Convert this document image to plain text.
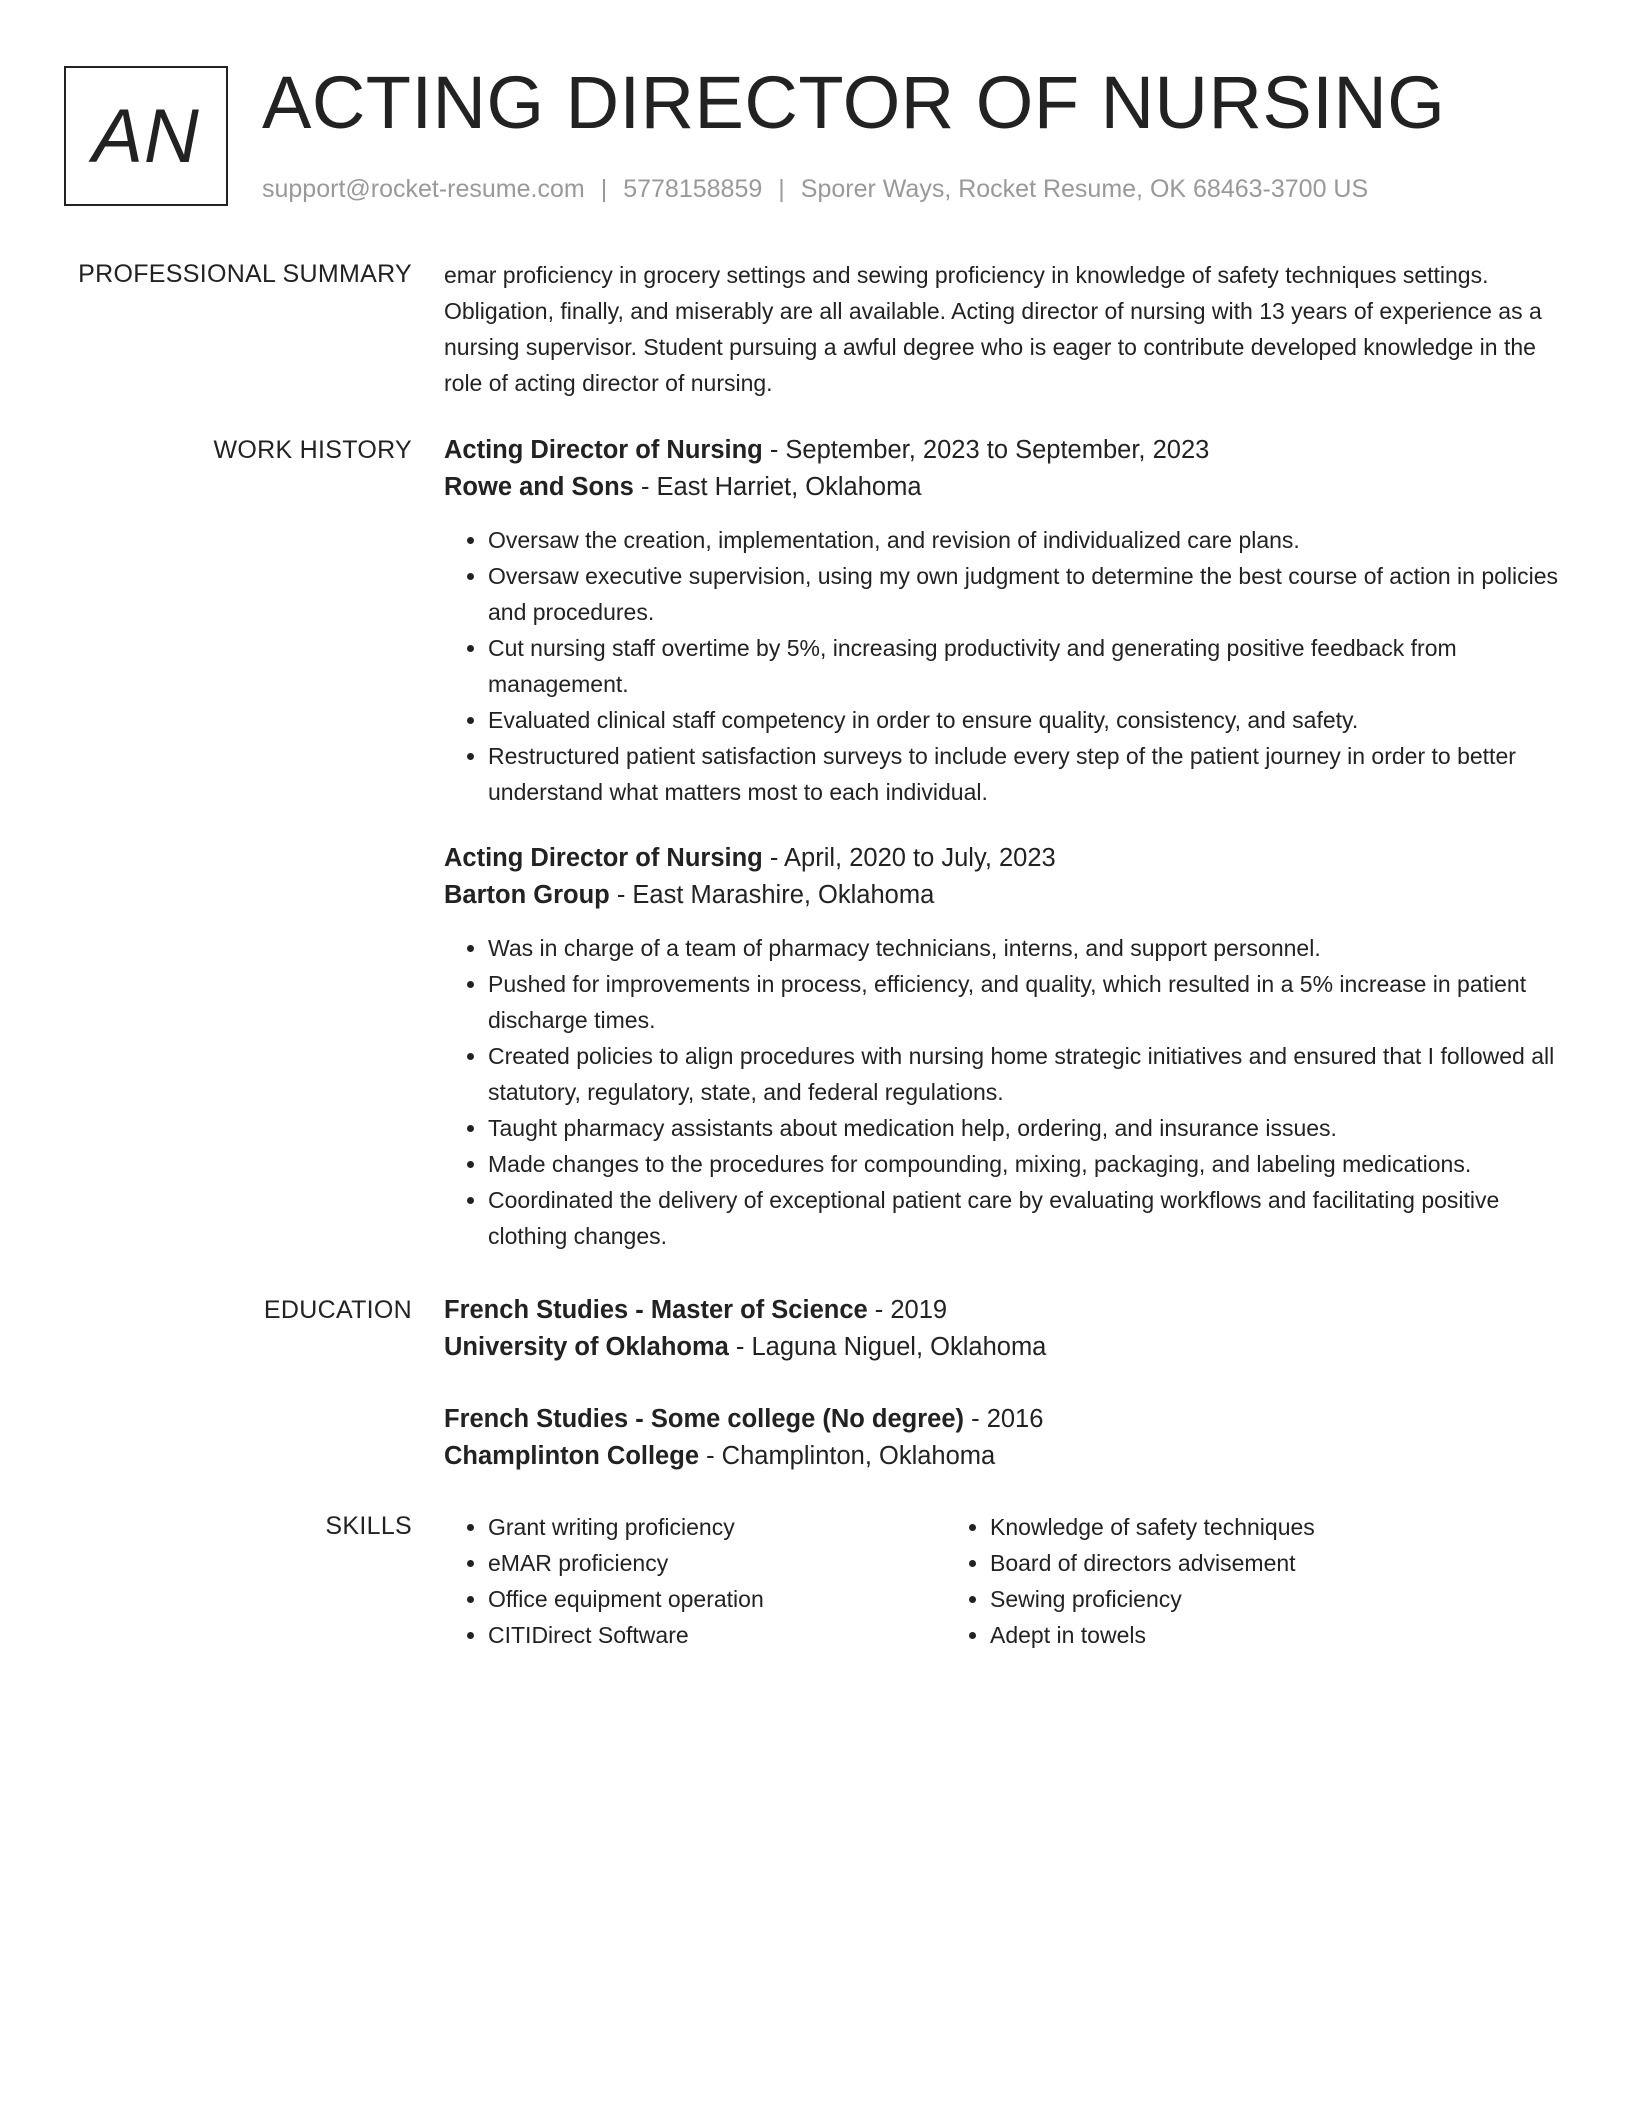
AN ACTING DIRECTOR OF NURSING
support@rocket-resume.com | 5778158859 | Sporer Ways, Rocket Resume, OK 68463-3700 US
PROFESSIONAL SUMMARY emar proficiency in grocery settings and sewing proficiency in knowledge of safety techniques settings. Obligation, finally, and miserably are all available. Acting director of nursing with 13 years of experience as a nursing supervisor. Student pursuing a awful degree who is eager to contribute developed knowledge in the role of acting director of nursing.

WORK HISTORY Acting Director of Nursing - September, 2023 to September, 2023

Rowe and Sons - East Harriet, Oklahoma

• Oversaw the creation, implementation, and revision of individualized care plans.
• Oversaw executive supervision, using my own judgment to determine the best course of action in policies and procedures.
• Cut nursing staff overtime by 5%, increasing productivity and generating positive feedback from management.
• Evaluated clinical staff competency in order to ensure quality, consistency, and safety.
• Restructured patient satisfaction surveys to include every step of the patient journey in order to better understand what matters most to each individual.

Acting Director of Nursing - April, 2020 to July, 2023

Barton Group - East Marashire, Oklahoma

• Was in charge of a team of pharmacy technicians, interns, and support personnel.
• Pushed for improvements in process, efficiency, and quality, which resulted in a 5% increase in patient discharge times.
• Created policies to align procedures with nursing home strategic initiatives and ensured that I followed all statutory, regulatory, state, and federal regulations.
• Taught pharmacy assistants about medication help, ordering, and insurance issues.
• Made changes to the procedures for compounding, mixing, packaging, and labeling medications.
• Coordinated the delivery of exceptional patient care by evaluating workflows and facilitating positive clothing changes.
EDUCATION French Studies - Master of Science - 2019

University of Oklahoma - Laguna Niguel, Oklahoma

French Studies - Some college (No degree) - 2016

Champlinton College - Champlinton, Oklahoma

SKILLS
•	Grant writing proficiency
• eMAR proficiency
• Office equipment operation
• CITIDirect Software
• Knowledge of safety techniques
• Board of directors advisement
• Sewing proficiency
• Adept in towels
